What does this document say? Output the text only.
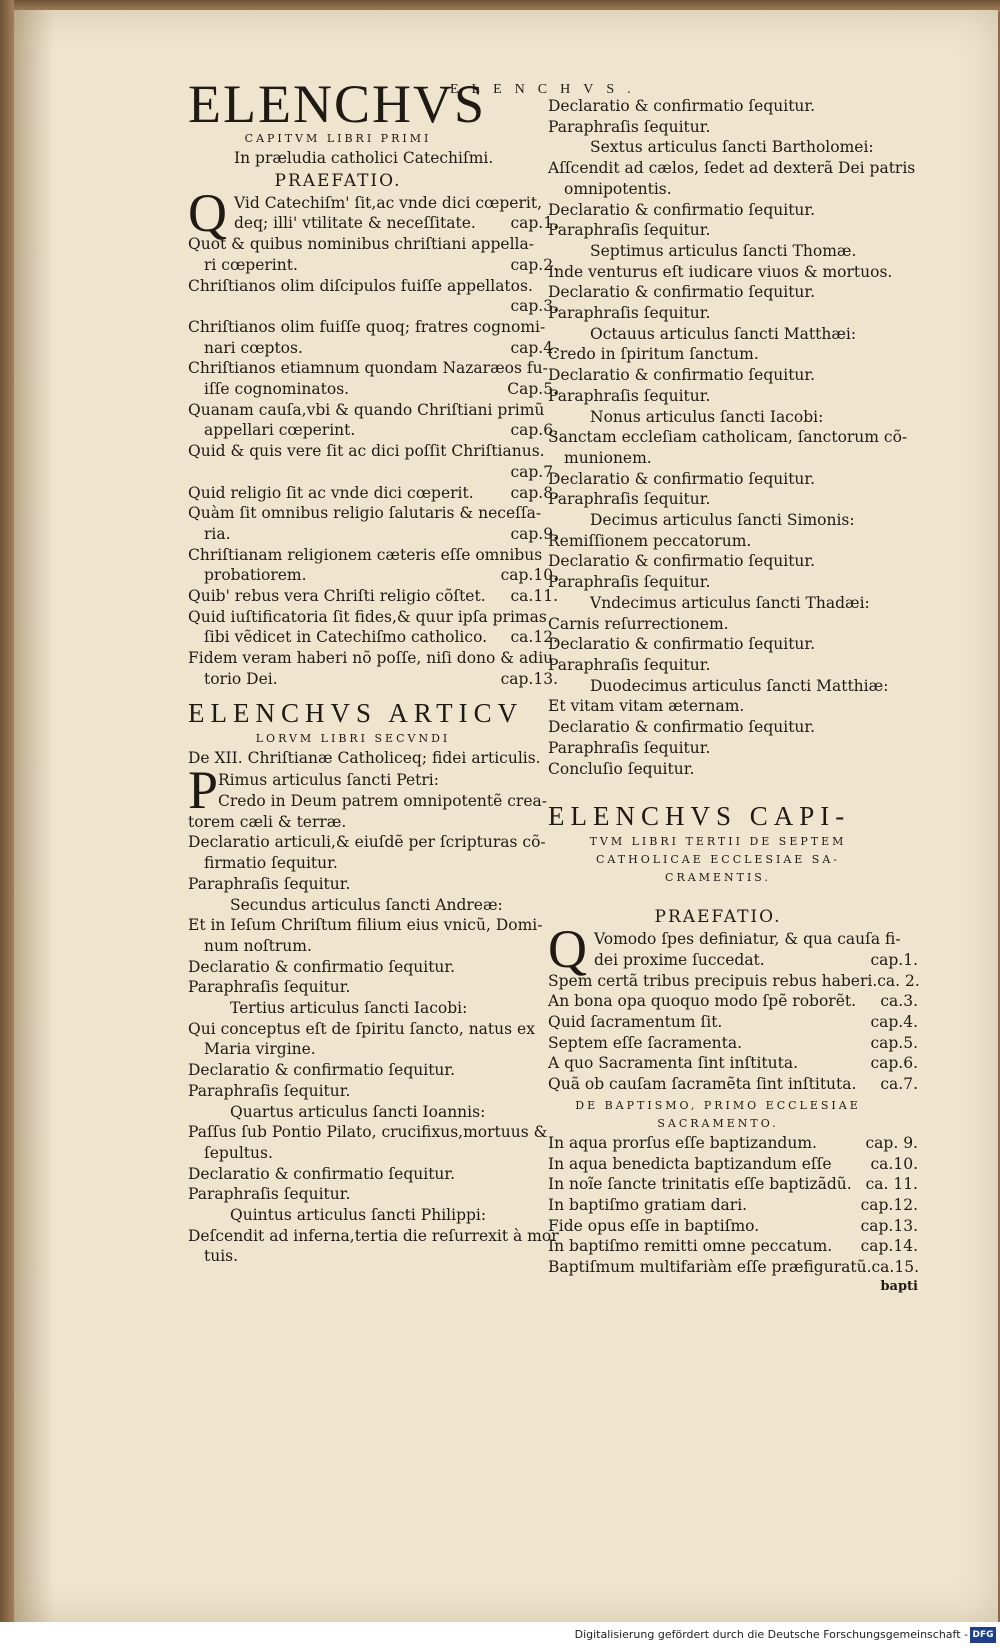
ELENCHVS.
ELENCHVS
CAPITVM LIBRI PRIMI
In præludia catholici Catechiſmi.
PRAEFATIO.
Q Vid Catechiſm' ſit,ac vnde dici cœperit,
deq; illi' vtilitate & neceſſitate. cap.1.
Quot & quibus nominibus chriſtiani appella-
ri cœperint.	cap.2.
Chriſtianos olim diſcipulos fuiſſe appellatos.
cap.3.
Chriſtianos olim fuiſſe quoq; fratres cognomi-
nari cœptos.	cap.4.
Chriſtianos etiamnum quondam Nazaræos fu-
iſſe cognominatos.	Cap.5.
Quanam cauſa,vbi & quando Chriſtiani primũ
appellari cœperint.	cap.6.
Quid & quis vere ſit ac dici poſſit Chriſtianus.
cap.7.
Quid religio ſit ac vnde dici cœperit. cap.8.
Quàm ſit omnibus religio ſalutaris & neceſſa-
ria.	cap.9.
Chriſtianam religionem cæteris eſſe omnibus
probatiorem.	cap.10.
Quib' rebus vera Chriſti religio cõſtet. ca.11.
Quid iuſtificatoria ſit fides,& quur ipſa primas
ſibi vẽdicet in Catechiſmo catholico. ca.12.
Fidem veram haberi nõ poſſe, niſi dono & adiu
torio Dei.	cap.13.
ELENCHVS ARTICV
LORVM LIBRI SECVNDI
De XII. Chriſtianæ Catholiceq; fidei articulis.
P Rimus articulus ſancti Petri:
Credo in Deum patrem omnipotentẽ crea-
torem cæli & terræ.
Declaratio articuli,& eiuſdẽ per ſcripturas cõ-
firmatio ſequitur.
Paraphraſis ſequitur.
Secundus articulus ſancti Andreæ:
Et in Ieſum Chriſtum filium eius vnicũ, Domi-
num noſtrum.
Declaratio & confirmatio ſequitur.
Paraphraſis ſequitur.
Tertius articulus ſancti Iacobi:
Qui conceptus eſt de ſpiritu ſancto, natus ex
Maria virgine.
Declaratio & confirmatio ſequitur.
Paraphraſis ſequitur.
Quartus articulus ſancti Ioannis:
Paſſus ſub Pontio Pilato, crucifixus,mortuus &
ſepultus.
Declaratio & confirmatio ſequitur.
Paraphraſis ſequitur.
Quintus articulus ſancti Philippi:
Deſcendit ad inferna,tertia die reſurrexit à mor
tuis.
Declaratio & confirmatio ſequitur.
Paraphraſis ſequitur.
Sextus articulus ſancti Bartholomei:
Aſſcendit ad cælos, ſedet ad dexterã Dei patris
omnipotentis.
Declaratio & confirmatio ſequitur.
Paraphraſis ſequitur.
Septimus articulus ſancti Thomæ.
Inde venturus eſt iudicare viuos & mortuos.
Declaratio & confirmatio ſequitur.
Paraphraſis ſequitur.
Octauus articulus ſancti Matthæi:
Credo in ſpiritum ſanctum.
Declaratio & confirmatio ſequitur.
Paraphraſis ſequitur.
Nonus articulus ſancti Iacobi:
Sanctam eccleſiam catholicam, ſanctorum cõ-
munionem.
Declaratio & confirmatio ſequitur.
Paraphraſis ſequitur.
Decimus articulus ſancti Simonis:
Remiſſionem peccatorum.
Declaratio & confirmatio ſequitur.
Paraphraſis ſequitur.
Vndecimus articulus ſancti Thadæi:
Carnis reſurrectionem.
Declaratio & confirmatio ſequitur.
Paraphraſis ſequitur.
Duodecimus articulus ſancti Matthiæ:
Et vitam vitam æternam.
Declaratio & confirmatio ſequitur.
Paraphraſis ſequitur.
Concluſio ſequitur.
ELENCHVS CAPI-
TVM LIBRI TERTII DE SEPTEM
CATHOLICAE ECCLESIAE SA-
CRAMENTIS.
PRAEFATIO.
Q Vomodo ſpes definiatur, & qua cauſa fi-
dei proxime ſuccedat.	cap.1.
Spem certã tribus precipuis rebus haberi. ca. 2.
An bona opa quoquo modo ſpẽ roborẽt. ca.3.
Quid ſacramentum ſit.	cap.4.
Septem eſſe ſacramenta.	cap.5.
A quo Sacramenta ſint inſtituta.	cap.6.
Quã ob cauſam ſacramẽta ſint inſtituta. ca.7.
DE BAPTISMO, PRIMO ECCLESIAE
SACRAMENTO.
In aqua prorſus eſſe baptizandum.	cap. 9.
In aqua benedicta baptizandum eſſe	ca.10.
In noĩe ſancte trinitatis eſſe baptizãdũ. ca. 11.
In baptiſmo gratiam dari.	cap.12.
Fide opus eſſe in baptiſmo.	cap.13.
In baptiſmo remitti omne peccatum. cap.14.
Baptiſmum multifariàm eſſe præfiguratũ. ca.15.
bapti
Digitalisierung gefördert durch die Deutsche Forschungsgemeinschaft - DFG
